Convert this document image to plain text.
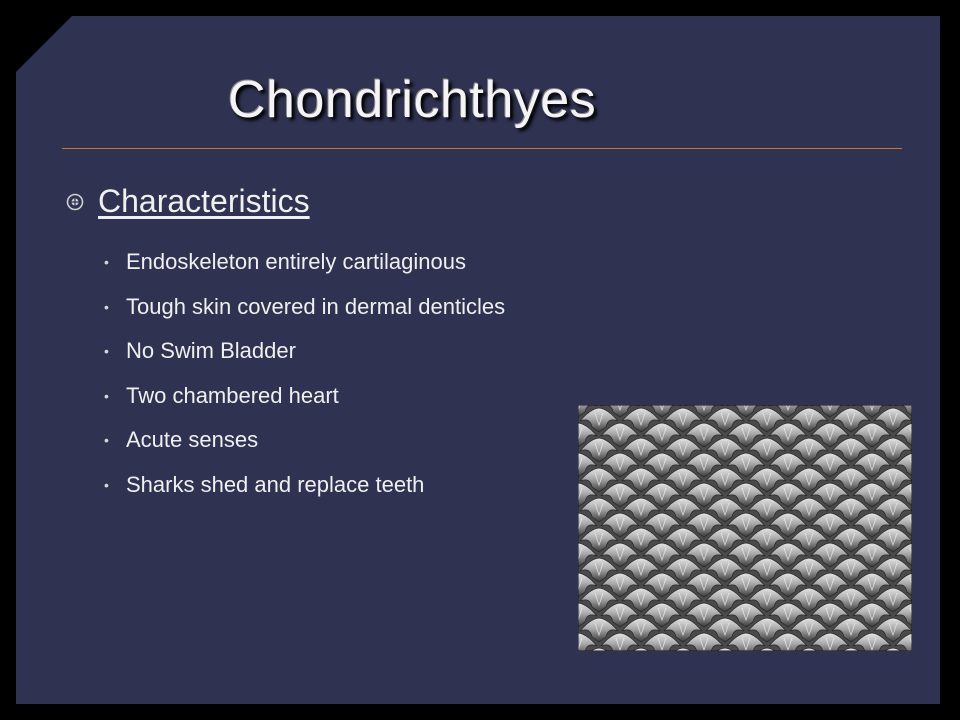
Chondrichthyes
Characteristics
• Endoskeleton entirely cartilaginous
• Tough skin covered in dermal denticles
• No Swim Bladder
• Two chambered heart
• Acute senses
• Sharks shed and replace teeth
